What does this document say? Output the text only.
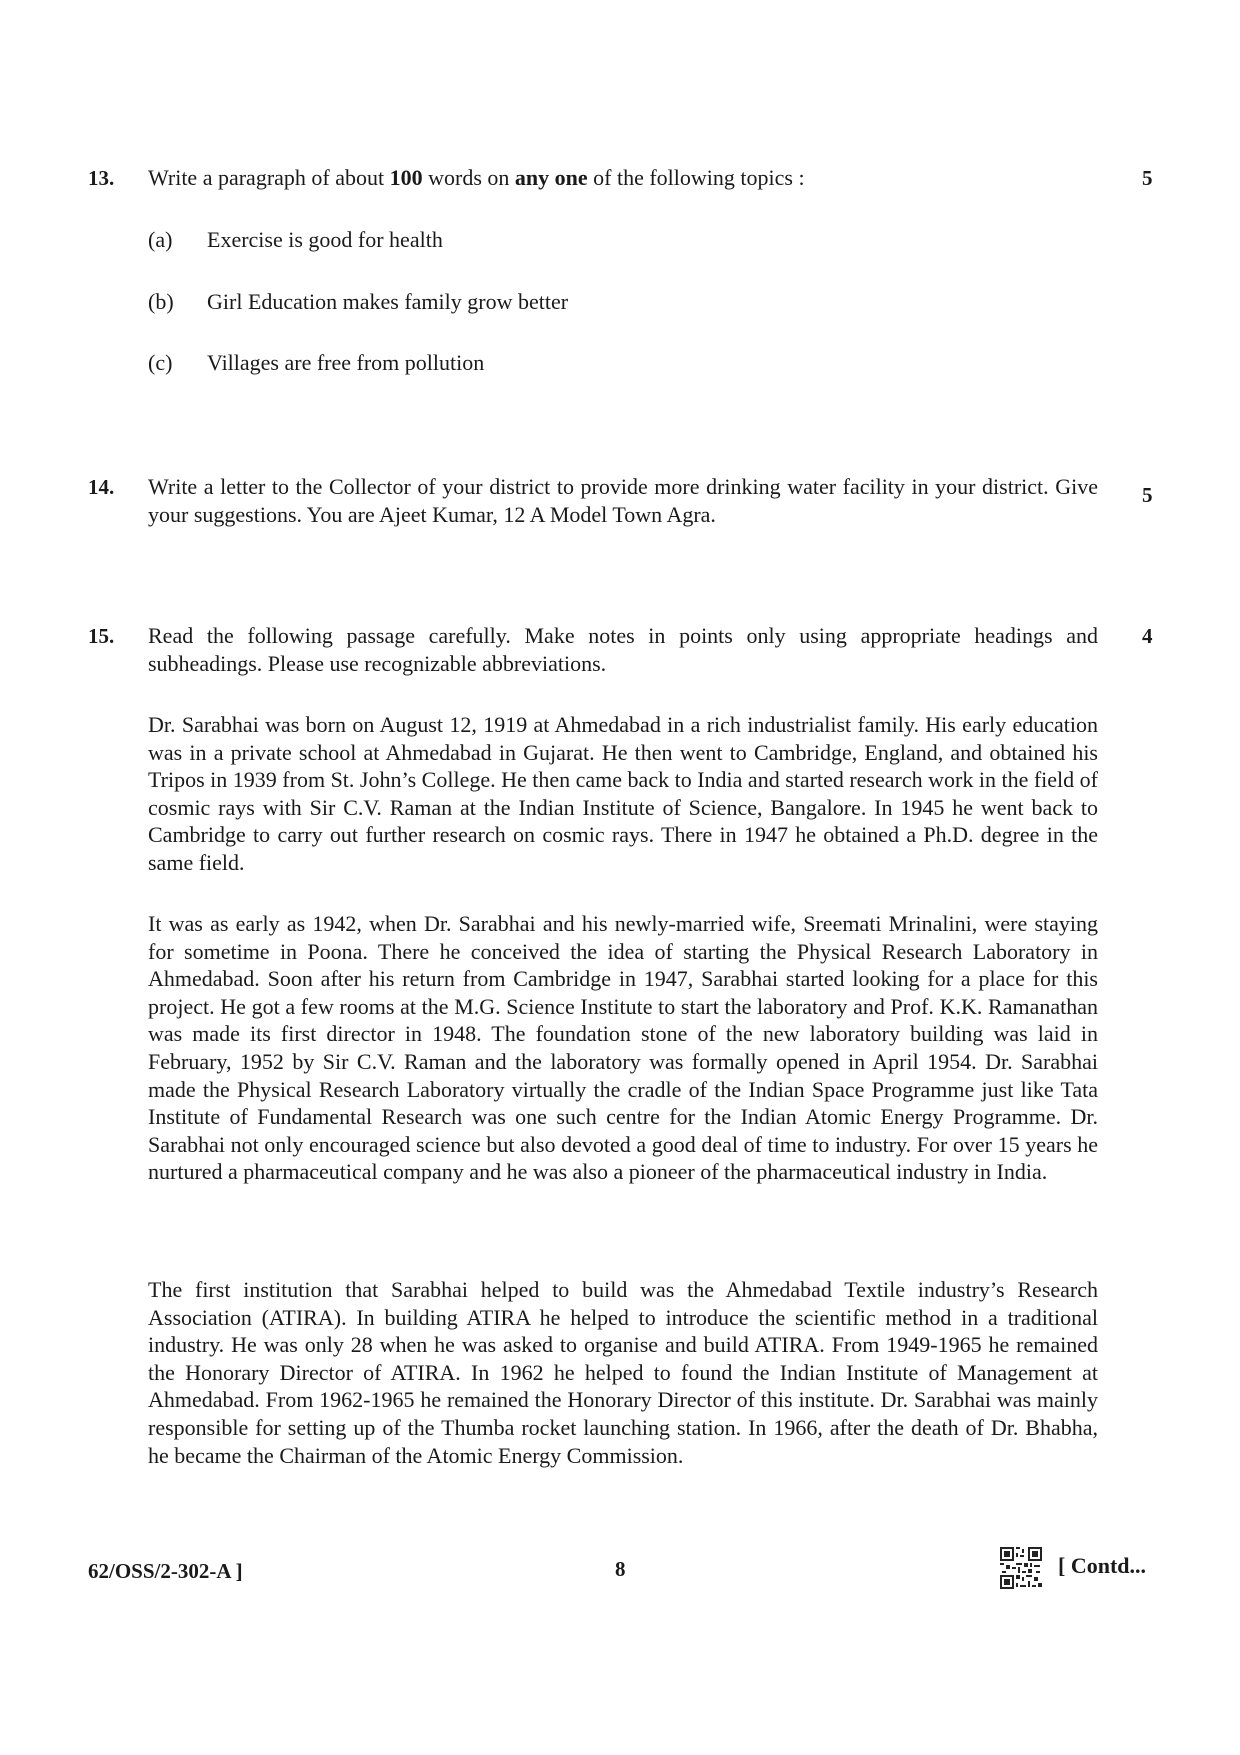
13. Write a paragraph of about 100 words on any one of the following topics :	5
(a) Exercise is good for health
(b) Girl Education makes family grow better
(c) Villages are free from pollution
14. Write a letter to the Collector of your district to provide more drinking water facility in your district. Give your suggestions. You are Ajeet Kumar, 12 A Model Town Agra.
5
15. Read the following passage carefully. Make notes in points only using appropriate headings and subheadings. Please use recognizable abbreviations.
4

Dr. Sarabhai was born on August 12, 1919 at Ahmedabad in a rich industrialist family. His early education was in a private school at Ahmedabad in Gujarat. He then went to Cambridge, England, and obtained his Tripos in 1939 from St. John’s College. He then came back to India and started research work in the field of cosmic rays with Sir C.V. Raman at the Indian Institute of Science, Bangalore. In 1945 he went back to Cambridge to carry out further research on cosmic rays. There in 1947 he obtained a Ph.D. degree in the same field.

It was as early as 1942, when Dr. Sarabhai and his newly-married wife, Sreemati Mrinalini, were staying for sometime in Poona. There he conceived the idea of starting the Physical Research Laboratory in Ahmedabad. Soon after his return from Cambridge in 1947, Sarabhai started looking for a place for this project. He got a few rooms at the M.G. Science Institute to start the laboratory and Prof. K.K. Ramanathan was made its first director in 1948. The foundation stone of the new laboratory building was laid in February, 1952 by Sir C.V. Raman and the laboratory was formally opened in April 1954. Dr. Sarabhai made the Physical Research Laboratory virtually the cradle of the Indian Space Programme just like Tata Institute of Fundamental Research was one such centre for the Indian Atomic Energy Programme. Dr. Sarabhai not only encouraged science but also devoted a good deal of time to industry. For over 15 years he nurtured a pharmaceutical company and he was also a pioneer of the pharmaceutical industry in India.

The first institution that Sarabhai helped to build was the Ahmedabad Textile industry’s Research Association (ATIRA). In building ATIRA he helped to introduce the scientific method in a traditional industry. He was only 28 when he was asked to organise and build ATIRA. From 1949-1965 he remained the Honorary Director of ATIRA. In 1962 he helped to found the Indian Institute of Management at Ahmedabad. From 1962-1965 he remained the Honorary Director of this institute. Dr. Sarabhai was mainly responsible for setting up of the Thumba rocket launching station. In 1966, after the death of Dr. Bhabha, he became the Chairman of the Atomic Energy Commission.

62/OSS/2-302-A ]	8	[ Contd...
